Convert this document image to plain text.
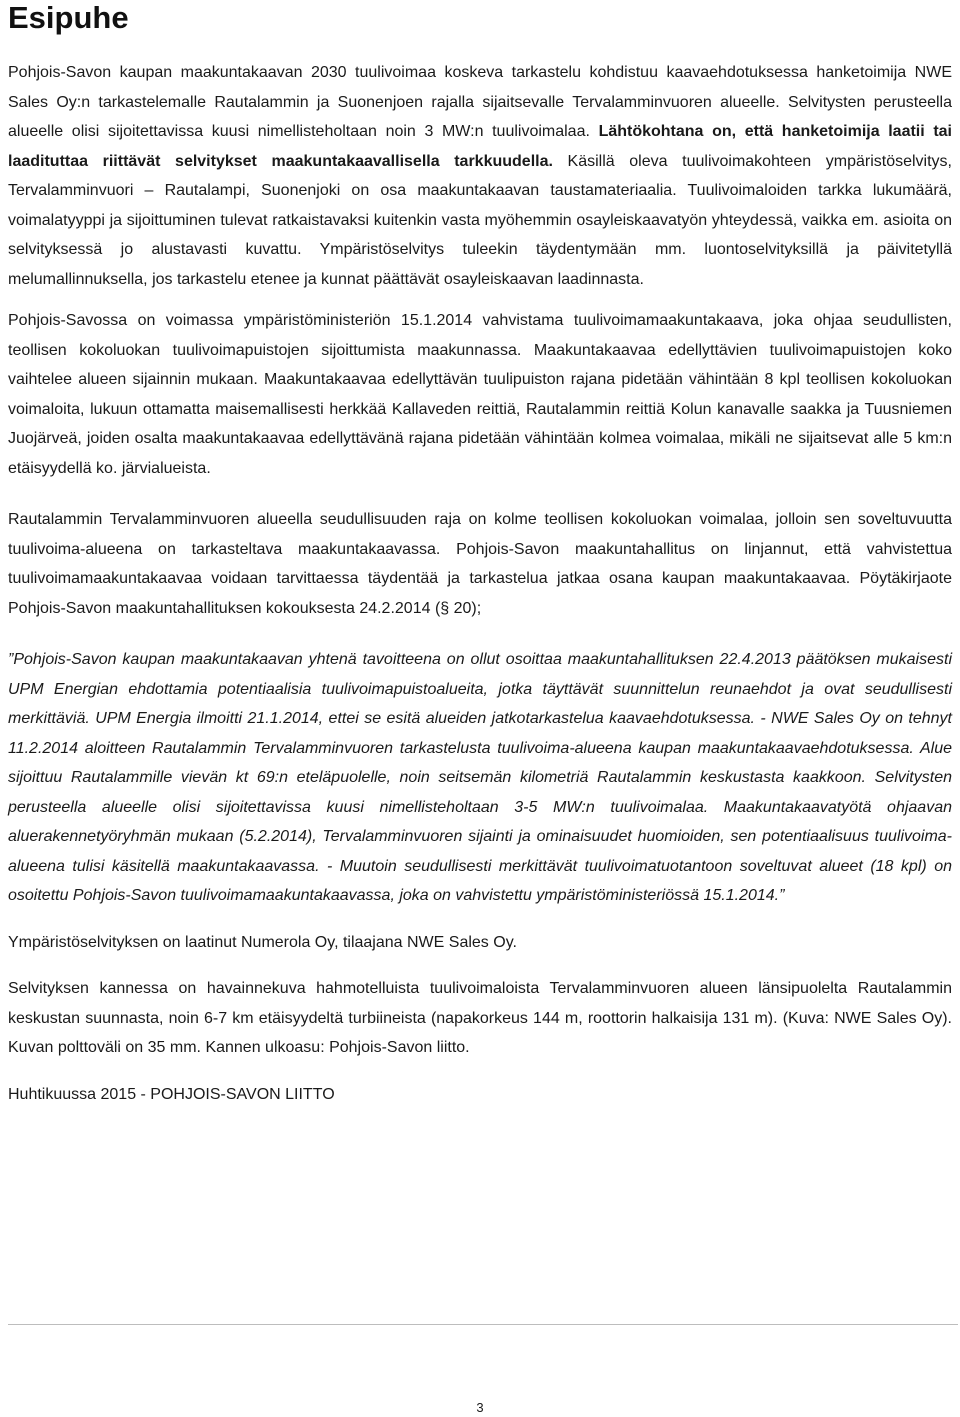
Esipuhe

Pohjois-Savon kaupan maakuntakaavan 2030 tuulivoimaa koskeva tarkastelu kohdistuu kaavaehdotuksessa hanketoimija NWE Sales Oy:n tarkastelemalle Rautalammin ja Suonenjoen rajalla sijaitsevalle Tervalamminvuoren alueelle. Selvitysten perusteella alueelle olisi sijoitettavissa kuusi nimellisteholtaan noin 3 MW:n tuulivoimalaa. Lähtökohtana on, että hanketoimija laatii tai laadituttaa riittävät selvitykset maakuntakaavallisella tarkkuudella. Käsillä oleva tuulivoimakohteen ympäristöselvitys, Tervalamminvuori – Rautalampi, Suonenjoki on osa maakuntakaavan taustamateriaalia. Tuulivoimaloiden tarkka lukumäärä, voimalatyyppi ja sijoittuminen tulevat ratkaistavaksi kuitenkin vasta myöhemmin osayleiskaavatyön yhteydessä, vaikka em. asioita on selvityksessä jo alustavasti kuvattu. Ympäristöselvitys tuleekin täydentymään mm. luontoselvityksillä ja päivitetyllä melumallinnuksella, jos tarkastelu etenee ja kunnat päättävät osayleiskaavan laadinnasta.

Pohjois-Savossa on voimassa ympäristöministeriön 15.1.2014 vahvistama tuulivoimamaakuntakaava, joka ohjaa seudullisten, teollisen kokoluokan tuulivoimapuistojen sijoittumista maakunnassa. Maakuntakaavaa edellyttävien tuulivoimapuistojen koko vaihtelee alueen sijainnin mukaan. Maakuntakaavaa edellyttävän tuulipuiston rajana pidetään vähintään 8 kpl teollisen kokoluokan voimaloita, lukuun ottamatta maisemallisesti herkkää Kallaveden reittiä, Rautalammin reittiä Kolun kanavalle saakka ja Tuusniemen Juojärveä, joiden osalta maakuntakaavaa edellyttävänä rajana pidetään vähintään kolmea voimalaa, mikäli ne sijaitsevat alle 5 km:n etäisyydellä ko. järvialueista.

Rautalammin Tervalamminvuoren alueella seudullisuuden raja on kolme teollisen kokoluokan voimalaa, jolloin sen soveltuvuutta tuulivoima-alueena on tarkasteltava maakuntakaavassa. Pohjois-Savon maakuntahallitus on linjannut, että vahvistettua tuulivoimamaakuntakaavaa voidaan tarvittaessa täydentää ja tarkastelua jatkaa osana kaupan maakuntakaavaa. Pöytäkirjaote Pohjois-Savon maakuntahallituksen kokouksesta 24.2.2014 (§ 20);

”Pohjois-Savon kaupan maakuntakaavan yhtenä tavoitteena on ollut osoittaa maakuntahallituksen 22.4.2013 päätöksen mukaisesti UPM Energian ehdottamia potentiaalisia tuulivoimapuistoalueita, jotka täyttävät suunnittelun reunaehdot ja ovat seudullisesti merkittäviä. UPM Energia ilmoitti 21.1.2014, ettei se esitä alueiden jatkotarkastelua kaavaehdotuksessa. - NWE Sales Oy on tehnyt 11.2.2014 aloitteen Rautalammin Tervalamminvuoren tarkastelusta tuulivoima-alueena kaupan maakuntakaavaehdotuksessa. Alue sijoittuu Rautalammille vievän kt 69:n eteläpuolelle, noin seitsemän kilometriä Rautalammin keskustasta kaakkoon. Selvitysten perusteella alueelle olisi sijoitettavissa kuusi nimellisteholtaan 3-5 MW:n tuulivoimalaa. Maakuntakaavatyötä ohjaavan aluerakennetyöryhmän mukaan (5.2.2014), Tervalamminvuoren sijainti ja ominaisuudet huomioiden, sen potentiaalisuus tuulivoima-alueena tulisi käsitellä maakuntakaavassa. - Muutoin seudullisesti merkittävät tuulivoimatuotantoon soveltuvat alueet (18 kpl) on osoitettu Pohjois-Savon tuulivoimamaakuntakaavassa, joka on vahvistettu ympäristöministeriössä 15.1.2014.”

Ympäristöselvityksen on laatinut Numerola Oy, tilaajana NWE Sales Oy.

Selvityksen kannessa on havainnekuva hahmotelluista tuulivoimaloista Tervalamminvuoren alueen länsipuolelta Rautalammin keskustan suunnasta, noin 6-7 km etäisyydeltä turbiineista (napakorkeus 144 m, roottorin halkaisija 131 m). (Kuva: NWE Sales Oy). Kuvan polttoväli on 35 mm. Kannen ulkoasu: Pohjois-Savon liitto.

Huhtikuussa 2015 - POHJOIS-SAVON LIITTO

3
